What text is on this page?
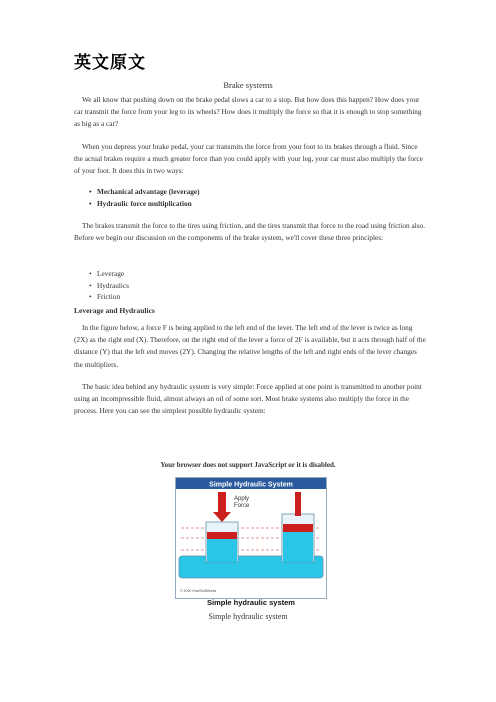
英文原文
Brake systems

We all know that pushing down on the brake pedal slows a car to a stop. But how does this happen? How does your car transmit the force from your leg to its wheels? How does it multiply the force so that it is enough to stop something as big as a car?

When you depress your brake pedal, your car transmits the force from your foot to its brakes through a fluid. Since the actual brakes require a much greater force than you could apply with your leg, your car must also multiply the force of your foot. It does this in two ways:

• Mechanical advantage (leverage)
• Hydraulic force multiplication

The brakes transmit the force to the tires using friction, and the tires transmit that force to the road using friction also. Before we begin our discussion on the components of the brake system, we'll cover these three principles:

• Leverage
• Hydraulics
• Friction
Leverage and Hydraulics

In the figure below, a force F is being applied to the left end of the lever. The left end of the lever is twice as long (2X) as the right end (X). Therefore, on the right end of the lever a force of 2F is available, but it acts through half of the distance (Y) that the left end moves (2Y). Changing the relative lengths of the left and right ends of the lever changes the multipliers.

The basic idea behind any hydraulic system is very simple: Force applied at one point is transmitted to another point using an incompressible fluid, almost always an oil of some sort. Most brake systems also multiply the force in the process. Here you can see the simplest possible hydraulic system:

Your browser does not support JavaScript or it is disabled.
Simple Hydraulic System
Apply
Force
© 2000 HowStuffWorks
Simple hydraulic system
Simple hydraulic system
